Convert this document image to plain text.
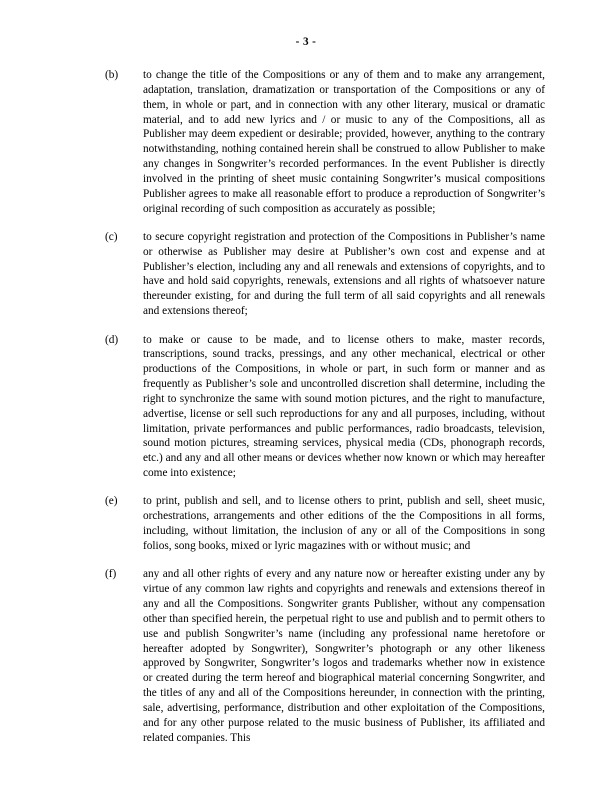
- 3 -
(b)	to change the title of the Compositions or any of them and to make any arrangement, adaptation, translation, dramatization or transportation of the Compositions or any of them, in whole or part, and in connection with any other literary, musical or dramatic material, and to add new lyrics and / or music to any of the Compositions, all as Publisher may deem expedient or desirable; provided, however, anything to the contrary notwithstanding, nothing contained herein shall be construed to allow Publisher to make any changes in Songwriter’s recorded performances. In the event Publisher is directly involved in the printing of sheet music containing Songwriter’s musical compositions Publisher agrees to make all reasonable effort to produce a reproduction of Songwriter’s original recording of such composition as accurately as possible;

(c)	to secure copyright registration and protection of the Compositions in Publisher’s name or otherwise as Publisher may desire at Publisher’s own cost and expense and at Publisher’s election, including any and all renewals and extensions of copyrights, and to have and hold said copyrights, renewals, extensions and all rights of whatsoever nature thereunder existing, for and during the full term of all said copyrights and all renewals and extensions thereof;

(d)	to make or cause to be made, and to license others to make, master records, transcriptions, sound tracks, pressings, and any other mechanical, electrical or other productions of the Compositions, in whole or part, in such form or manner and as frequently as Publisher’s sole and uncontrolled discretion shall determine, including the right to synchronize the same with sound motion pictures, and the right to manufacture, advertise, license or sell such reproductions for any and all purposes, including, without limitation, private performances and public performances, radio broadcasts, television, sound motion pictures, streaming services, physical media (CDs, phonograph records, etc.) and any and all other means or devices whether now known or which may hereafter come into existence;

(e)	to print, publish and sell, and to license others to print, publish and sell, sheet music, orchestrations, arrangements and other editions of the the Compositions in all forms, including, without limitation, the inclusion of any or all of the Compositions in song folios, song books, mixed or lyric magazines with or without music; and

(f)	any and all other rights of every and any nature now or hereafter existing under any by virtue of any common law rights and copyrights and renewals and extensions thereof in any and all the Compositions. Songwriter grants Publisher, without any compensation other than specified herein, the perpetual right to use and publish and to permit others to use and publish Songwriter’s name (including any professional name heretofore or hereafter adopted by Songwriter), Songwriter’s photograph or any other likeness approved by Songwriter, Songwriter’s logos and trademarks whether now in existence or created during the term hereof and biographical material concerning Songwriter, and the titles of any and all of the Compositions hereunder, in connection with the printing, sale, advertising, performance, distribution and other exploitation of the Compositions, and for any other purpose related to the music business of Publisher, its affiliated and related companies. This
